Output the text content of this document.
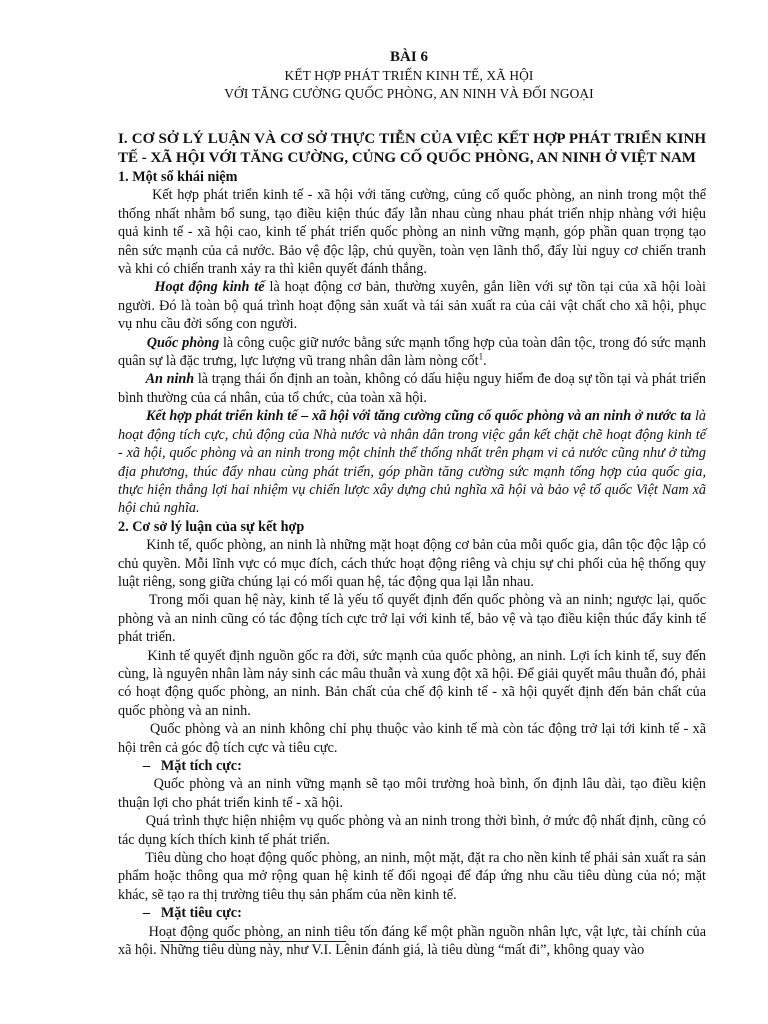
BÀI 6
KẾT HỢP PHÁT TRIỂN KINH TẾ, XÃ HỘI
VỚI TĂNG CƯỜNG QUỐC PHÒNG, AN NINH VÀ ĐỐI NGOẠI
I. CƠ SỞ LÝ LUẬN VÀ CƠ SỞ THỰC TIỄN CỦA VIỆC KẾT HỢP PHÁT TRIỂN KINH TẾ - XÃ HỘI VỚI TĂNG CƯỜNG, CỦNG CỐ QUỐC PHÒNG, AN NINH Ở VIỆT NAM
1. Một số khái niệm

Kết hợp phát triển kinh tế - xã hội với tăng cường, củng cố quốc phòng, an ninh trong một thể thống nhất nhằm bổ sung, tạo điều kiện thúc đẩy lẫn nhau cùng nhau phát triển nhịp nhàng với hiệu quả kinh tế - xã hội cao, kinh tế phát triển quốc phòng an ninh vững mạnh, góp phần quan trọng tạo nên sức mạnh của cả nước. Bảo vệ độc lập, chủ quyền, toàn vẹn lãnh thổ, đẩy lùi nguy cơ chiến tranh và khi có chiến tranh xảy ra thì kiên quyết đánh thắng.

Hoạt động kinh tế là hoạt động cơ bản, thường xuyên, gắn liền với sự tồn tại của xã hội loài người. Đó là toàn bộ quá trình hoạt động sản xuất và tái sản xuất ra của cải vật chất cho xã hội, phục vụ nhu cầu đời sống con người.

Quốc phòng là công cuộc giữ nước bằng sức mạnh tổng hợp của toàn dân tộc, trong đó sức mạnh quân sự là đặc trưng, lực lượng vũ trang nhân dân làm nòng cốt$^1$.

An ninh là trạng thái ổn định an toàn, không có dấu hiệu nguy hiểm đe doạ sự tồn tại và phát triển bình thường của cá nhân, của tổ chức, của toàn xã hội.

Kết hợp phát triển kinh tế – xã hội với tăng cường cũng cố quốc phòng và an ninh ở nước ta là hoạt động tích cực, chủ động của Nhà nước và nhân dân trong việc gắn kết chặt chẽ hoạt động kinh tế - xã hội, quốc phòng và an ninh trong một chỉnh thể thống nhất trên phạm vi cả nước cũng như ở từng địa phương, thúc đẩy nhau cùng phát triển, góp phần tăng cường sức mạnh tổng hợp của quốc gia, thực hiện thắng lợi hai nhiệm vụ chiến lược xây dựng chủ nghĩa xã hội và bảo vệ tổ quốc Việt Nam xã hội chủ nghĩa.

2. Cơ sở lý luận của sự kết hợp

Kinh tế, quốc phòng, an ninh là những mặt hoạt động cơ bản của mỗi quốc gia, dân tộc độc lập có chủ quyền. Mỗi lĩnh vực có mục đích, cách thức hoạt động riêng và chịu sự chi phối của hệ thống quy luật riêng, song giữa chúng lại có mối quan hệ, tác động qua lại lẫn nhau.

Trong mối quan hệ này, kinh tế là yếu tố quyết định đến quốc phòng và an ninh; ngược lại, quốc phòng và an ninh cũng có tác động tích cực trở lại với kinh tế, bảo vệ và tạo điều kiện thúc đẩy kinh tế phát triển.

Kinh tế quyết định nguồn gốc ra đời, sức mạnh của quốc phòng, an ninh. Lợi ích kinh tế, suy đến cùng, là nguyên nhân làm nảy sinh các mâu thuẫn và xung đột xã hội. Để giải quyết mâu thuẫn đó, phải có hoạt động quốc phòng, an ninh. Bản chất của chế độ kinh tế - xã hội quyết định đến bản chất của quốc phòng và an ninh.

Quốc phòng và an ninh không chỉ phụ thuộc vào kinh tế mà còn tác động trở lại tới kinh tế - xã hội trên cả góc độ tích cực và tiêu cực.

– Mặt tích cực:

Quốc phòng và an ninh vững mạnh sẽ tạo môi trường hoà bình, ổn định lâu dài, tạo điều kiện thuận lợi cho phát triển kinh tế - xã hội.

Quá trình thực hiện nhiệm vụ quốc phòng và an ninh trong thời bình, ở mức độ nhất định, cũng có tác dụng kích thích kinh tế phát triển.

Tiêu dùng cho hoạt động quốc phòng, an ninh, một mặt, đặt ra cho nền kinh tế phải sản xuất ra sản phẩm hoặc thông qua mở rộng quan hệ kinh tế đối ngoại để đáp ứng nhu cầu tiêu dùng của nó; mặt khác, sẽ tạo ra thị trường tiêu thụ sản phẩm của nền kinh tế.

– Mặt tiêu cực:

Hoạt động quốc phòng, an ninh tiêu tốn đáng kể một phần nguồn nhân lực, vật lực, tài chính của xã hội. Những tiêu dùng này, như V.I. Lênin đánh giá, là tiêu dùng “mất đi”, không quay vào
